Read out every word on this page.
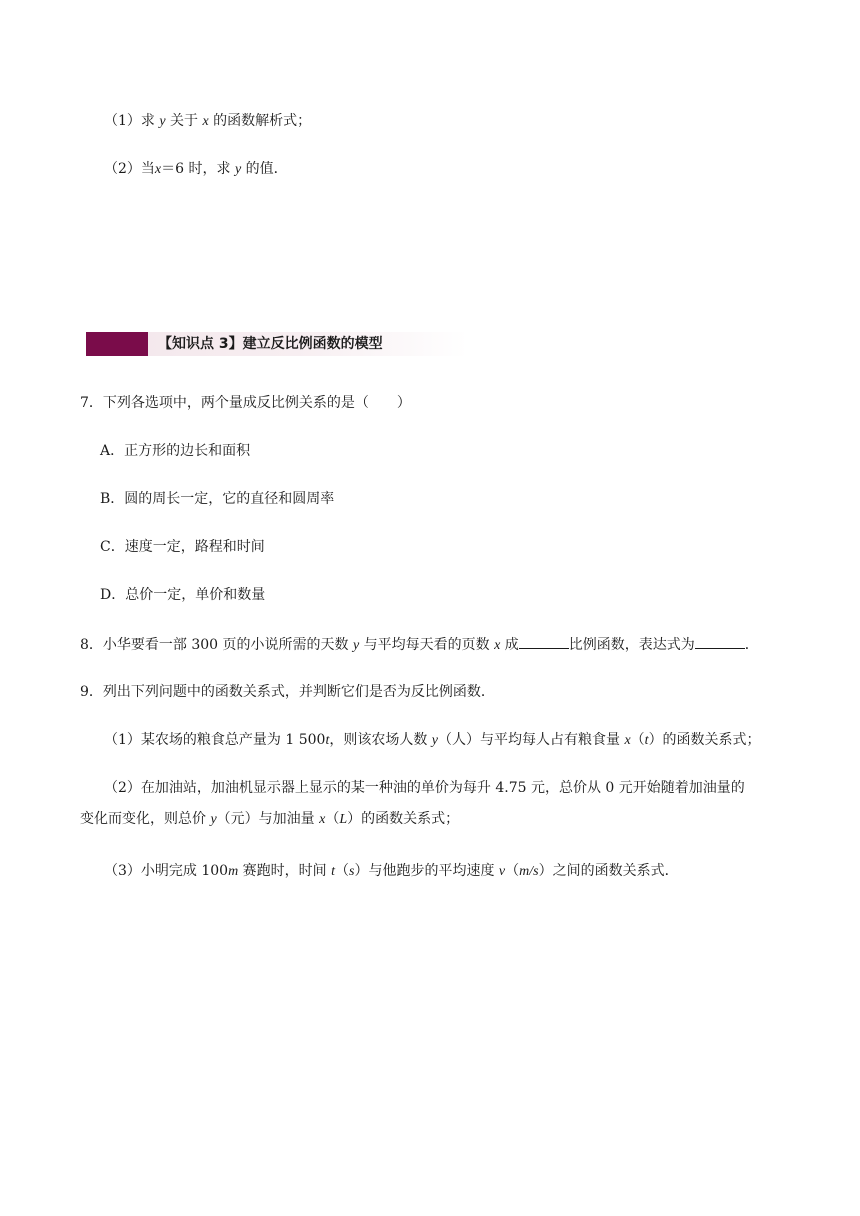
（1）求 y 关于 x 的函数解析式；
（2）当x＝6 时，求 y 的值．
【知识点 3】建立反比例函数的模型
7．下列各选项中，两个量成反比例关系的是（　　）
A．正方形的边长和面积
B．圆的周长一定，它的直径和圆周率
C．速度一定，路程和时间
D．总价一定，单价和数量
8．小华要看一部 300 页的小说所需的天数 y 与平均每天看的页数 x 成	比例函数，表达式为	．
9．列出下列问题中的函数关系式，并判断它们是否为反比例函数．
（1）某农场的粮食总产量为 1 500t，则该农场人数 y（人）与平均每人占有粮食量 x（t）的函数关系式；
（2）在加油站，加油机显示器上显示的某一种油的单价为每升 4.75 元，总价从 0 元开始随着加油量的
变化而变化，则总价 y（元）与加油量 x（L）的函数关系式；
（3）小明完成 100m 赛跑时，时间 t（s）与他跑步的平均速度 v（m/s）之间的函数关系式．
